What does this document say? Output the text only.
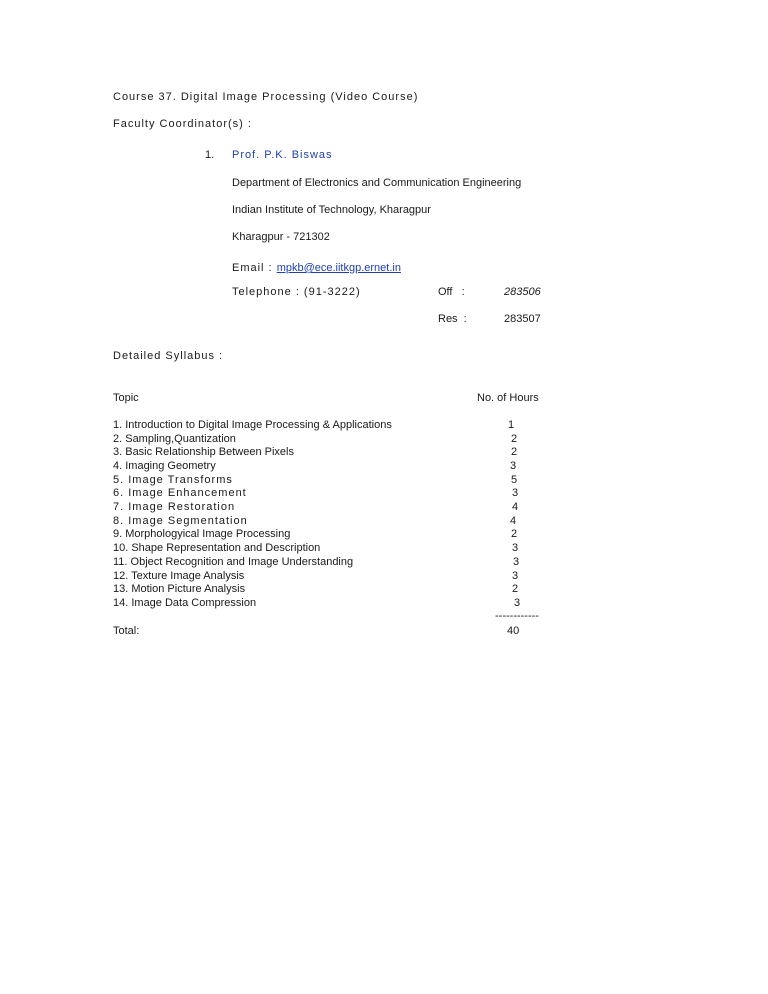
Course 37. Digital Image Processing (Video Course)
Faculty Coordinator(s) :
1. Prof. P.K. Biswas
Department of Electronics and Communication Engineering
Indian Institute of Technology, Kharagpur
Kharagpur - 721302
Email : mpkb@ece.iitkgp.ernet.in
Telephone : (91-3222)	Off   :	283506
Res  :	283507
Detailed Syllabus :
Topic	No. of Hours
1. Introduction to Digital Image Processing & Applications	1
2. Sampling,Quantization	2
3. Basic Relationship Between Pixels	2
4. Imaging Geometry	3
5. Image Transforms	5
6. Image Enhancement	3
7. Image Restoration	4
8. Image Segmentation	4
9. Morphologyical Image Processing	2
10. Shape Representation and Description	3
11. Object Recognition and Image Understanding	3
12. Texture Image Analysis	3
13. Motion Picture Analysis	2
14. Image Data Compression	3
------------
Total:	40
